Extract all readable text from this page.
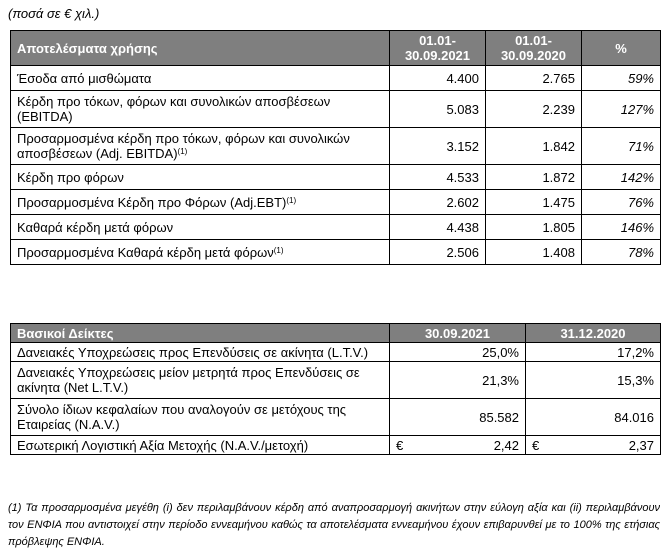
(ποσά σε € χιλ.)
Αποτελέσματα χρήσης	01.01-30.09.2021	01.01-30.09.2020	%
Έσοδα από μισθώματα	4.400	2.765	59%
Κέρδη προ τόκων, φόρων και συνολικών αποσβέσεων (EBITDA)	5.083	2.239	127%
Προσαρμοσμένα κέρδη προ τόκων, φόρων και συνολικών αποσβέσεων (Adj. EBITDA)$^{(1)}$	3.152	1.842	71%
Κέρδη προ φόρων	4.533	1.872	142%
Προσαρμοσμένα Κέρδη προ Φόρων $(Adj.EBT)^{(1)}$	2.602	1.475	76%
Καθαρά κέρδη μετά φόρων	4.438	1.805	146%
Προσαρμοσμένα Καθαρά κέρδη μετά φόρων$^{(1)}$	2.506	1.408	78%
Βασικοί Δείκτες	30.09.2021	31.12.2020
Δανειακές Υποχρεώσεις προς Επενδύσεις σε ακίνητα (L.T.V.)	25,0%	17,2%
Δανειακές Υποχρεώσεις μείον μετρητά προς Επενδύσεις σε ακίνητα (Net L.T.V.)	21,3%	15,3%
Σύνολο ίδιων κεφαλαίων που αναλογούν σε μετόχους της Εταιρείας (N.A.V.)	85.582	84.016
Εσωτερική Λογιστική Αξία Μετοχής (N.A.V./μετοχή)	€ 2,42	€ 2,37
(1) Τα προσαρμοσμένα μεγέθη (i) δεν περιλαμβάνουν κέρδη από αναπροσαρμογή ακινήτων στην εύλογη αξία και (ii) περιλαμβάνουν τον ΕΝΦΙΑ που αντιστοιχεί στην περίοδο εννεαμήνου καθώς τα αποτελέσματα εννεαμήνου έχουν επιβαρυνθεί με το 100% της ετήσιας πρόβλεψης ΕΝΦΙΑ.
